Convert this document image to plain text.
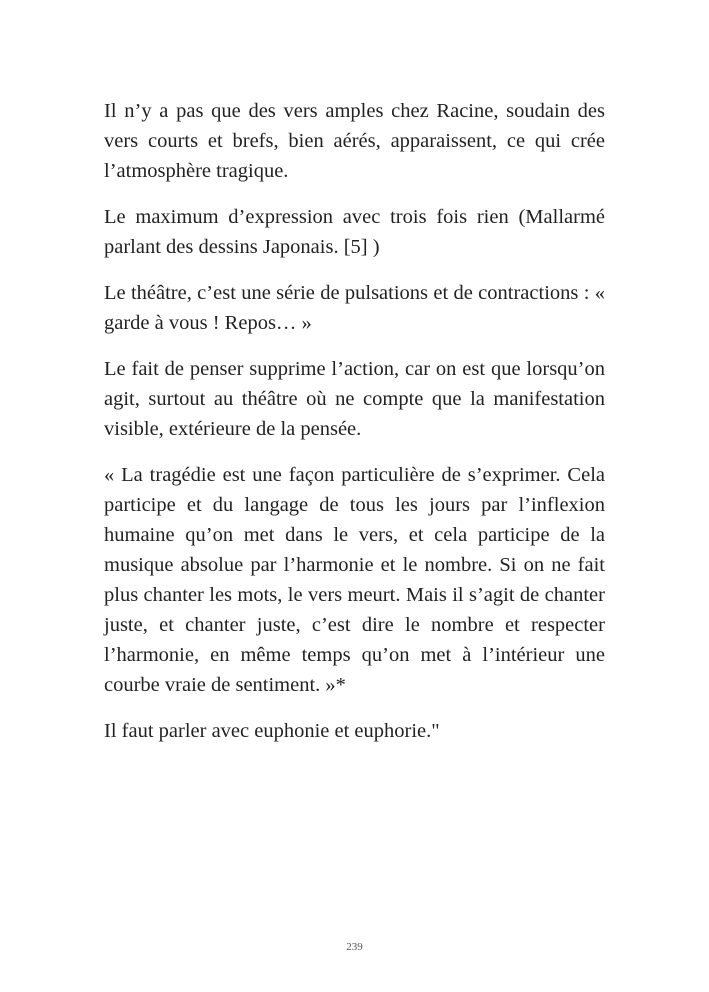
Il n’y a pas que des vers amples chez Racine, soudain des vers courts et brefs, bien aérés, apparaissent, ce qui crée l’atmosphère tragique.

Le maximum d’expression avec trois fois rien (Mallarmé parlant des dessins Japonais. [5] )

Le théâtre, c’est une série de pulsations et de contractions : « garde à vous ! Repos… »

Le fait de penser supprime l’action, car on est que lorsqu’on agit, surtout au théâtre où ne compte que la manifestation visible, extérieure de la pensée.

« La tragédie est une façon particulière de s’exprimer. Cela participe et du langage de tous les jours par l’inflexion humaine qu’on met dans le vers, et cela participe de la musique absolue par l’harmonie et le nombre. Si on ne fait plus chanter les mots, le vers meurt. Mais il s’agit de chanter juste, et chanter juste, c’est dire le nombre et respecter l’harmonie, en même temps qu’on met à l’intérieur une courbe vraie de sentiment. »*

Il faut parler avec euphonie et euphorie."

239
